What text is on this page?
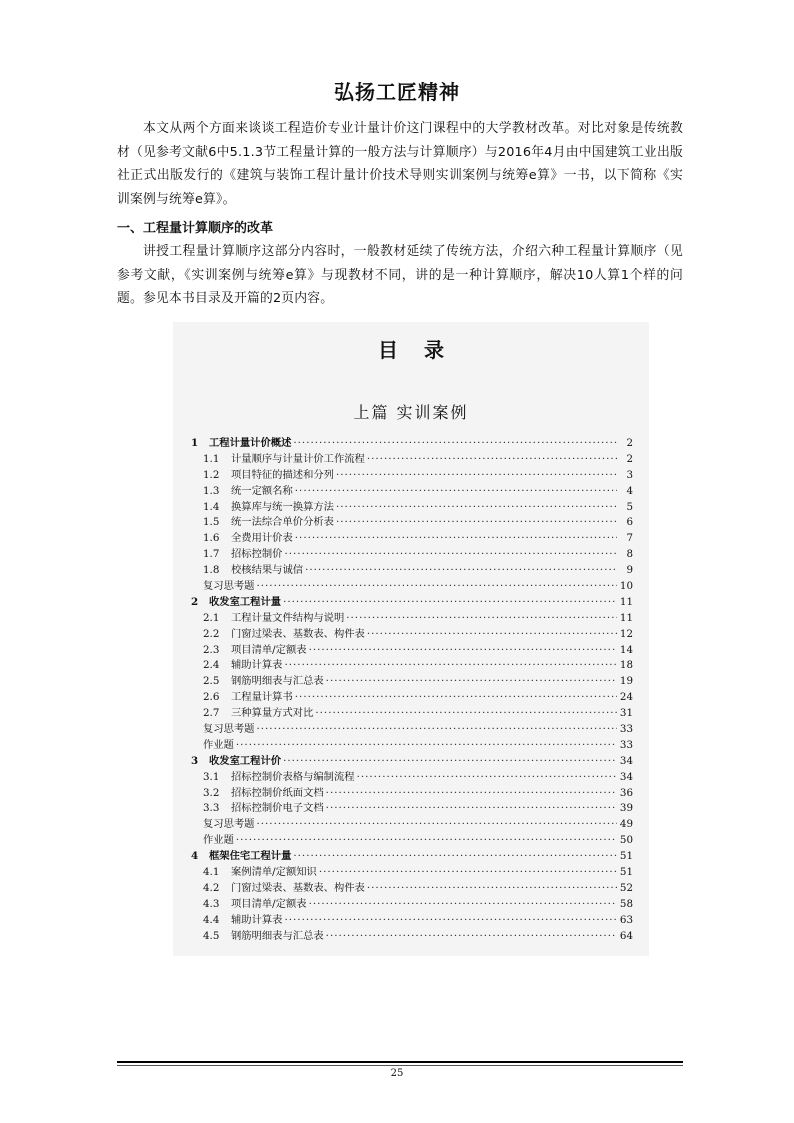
弘扬工匠精神
本文从两个方面来谈谈工程造价专业计量计价这门课程中的大学教材改革。对比对象是传统教材（见参考文献6中5.1.3节工程量计算的一般方法与计算顺序）与2016年4月由中国建筑工业出版社正式出版发行的《建筑与装饰工程计量计价技术导则实训案例与统筹e算》一书，以下简称《实训案例与统筹e算》。
一、工程量计算顺序的改革
讲授工程量计算顺序这部分内容时，一般教材延续了传统方法，介绍六种工程量计算顺序（见参考文献，《实训案例与统筹e算》与现教材不同，讲的是一种计算顺序，解决10人算1个样的问题。参见本书目录及开篇的2页内容。
目录
上篇 实训案例
1	工程计量计价概述 ·····	2
1.1	计量顺序与计量计价工作流程 ·····	2
1.2	项目特征的描述和分列 ·····	3
1.3	统一定额名称 ·····	4
1.4	换算库与统一换算方法 ·····	5
1.5	统一法综合单价分析表 ·····	6
1.6	全费用计价表 ·····	7
1.7	招标控制价 ·····	8
1.8	校核结果与诚信 ·····	9
复习思考题 ·····	10
2	收发室工程计量 ·····	11
2.1	工程计量文件结构与说明 ·····	11
2.2	门窗过梁表、基数表、构件表 ·····	12
2.3	项目清单/定额表 ·····	14
2.4	辅助计算表 ·····	18
2.5	钢筋明细表与汇总表 ·····	19
2.6	工程量计算书 ·····	24
2.7	三种算量方式对比 ·····	31
复习思考题 ·····	33
作业题 ·····	33
3	收发室工程计价 ·····	34
3.1	招标控制价表格与编制流程 ·····	34
3.2	招标控制价纸面文档 ·····	36
3.3	招标控制价电子文档 ·····	39
复习思考题 ·····	49
作业题 ·····	50
4	框架住宅工程计量 ·····	51
4.1	案例清单/定额知识 ·····	51
4.2	门窗过梁表、基数表、构件表 ·····	52
4.3	项目清单/定额表 ·····	58
4.4	辅助计算表 ·····	63
4.5	钢筋明细表与汇总表 ·····	64
25
